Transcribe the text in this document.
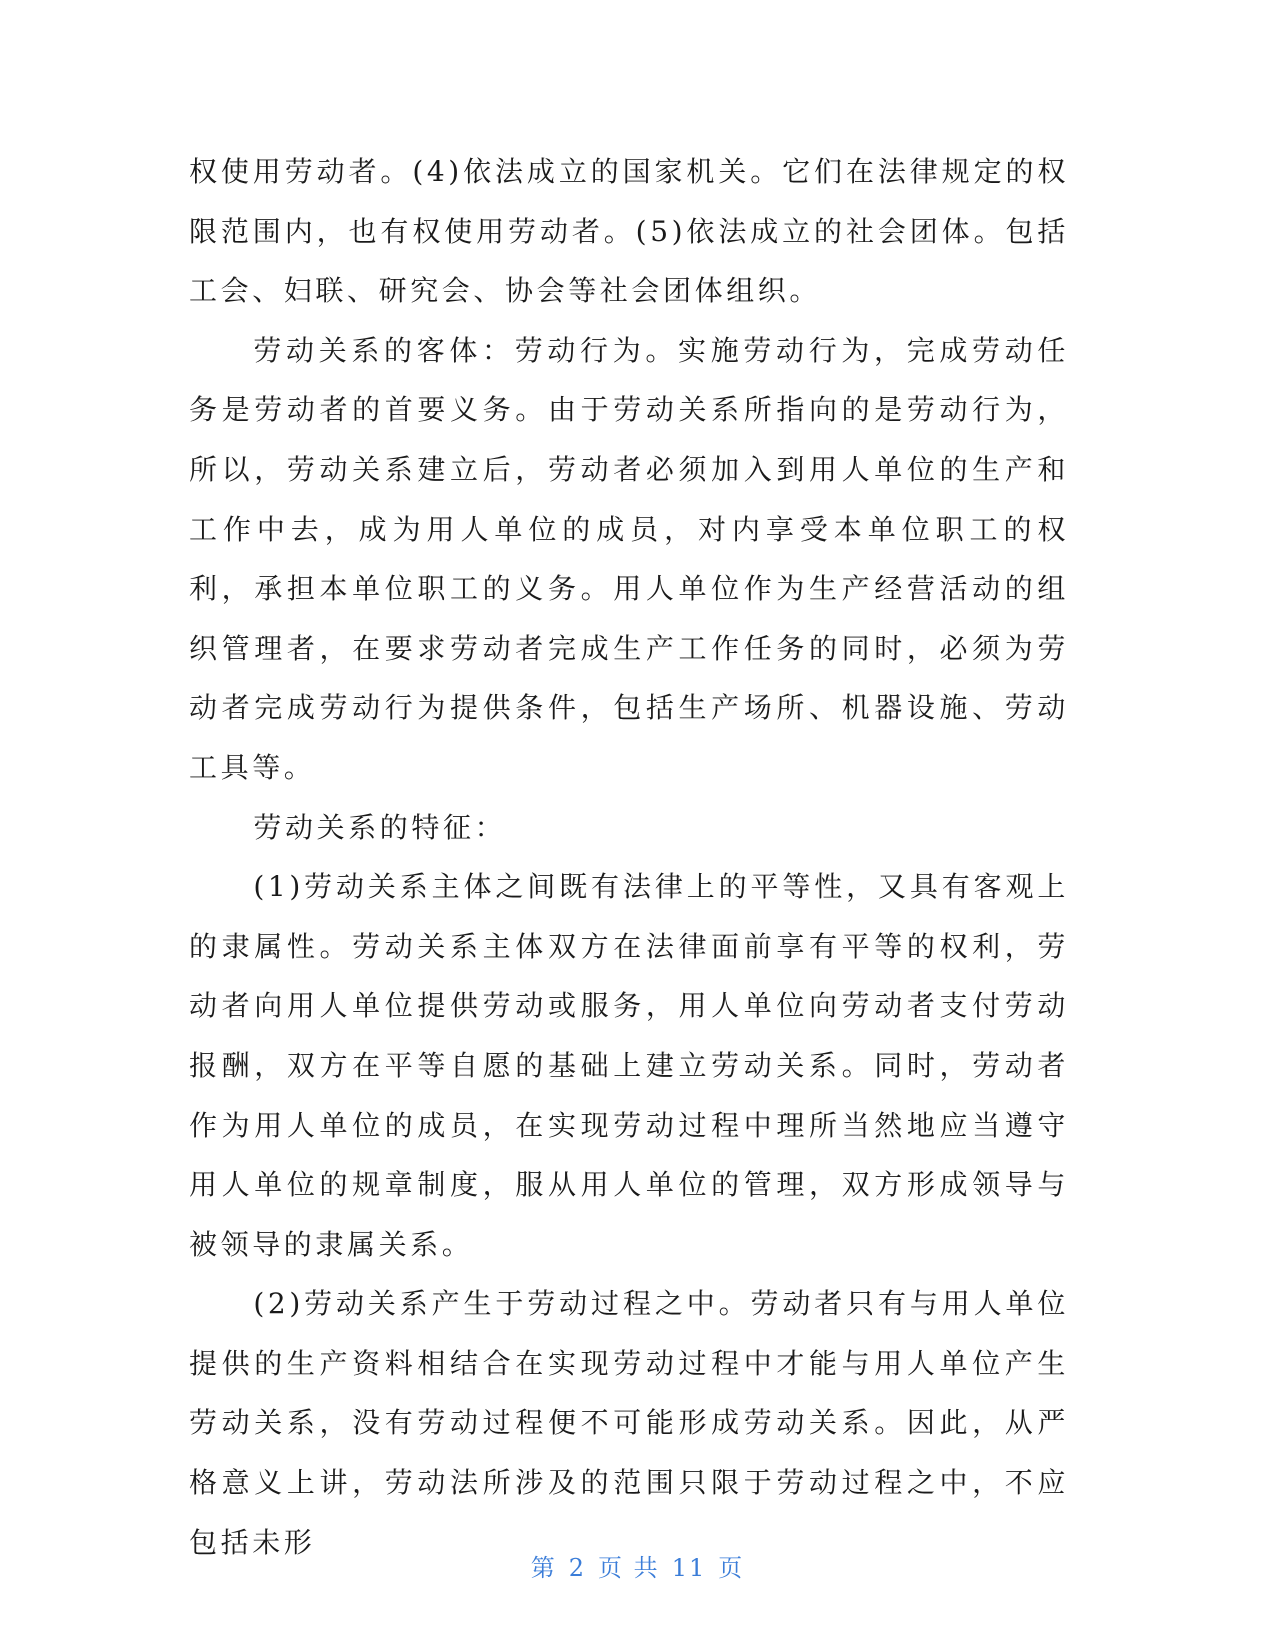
权使用劳动者。(4)依法成立的国家机关。它们在法律规定的权限范围内，也有权使用劳动者。(5)依法成立的社会团体。包括工会、妇联、研究会、协会等社会团体组织。

劳动关系的客体：劳动行为。实施劳动行为，完成劳动任务是劳动者的首要义务。由于劳动关系所指向的是劳动行为，所以，劳动关系建立后，劳动者必须加入到用人单位的生产和工作中去，成为用人单位的成员，对内享受本单位职工的权利，承担本单位职工的义务。用人单位作为生产经营活动的组织管理者，在要求劳动者完成生产工作任务的同时，必须为劳动者完成劳动行为提供条件，包括生产场所、机器设施、劳动工具等。

劳动关系的特征：

(1)劳动关系主体之间既有法律上的平等性，又具有客观上的隶属性。劳动关系主体双方在法律面前享有平等的权利，劳动者向用人单位提供劳动或服务，用人单位向劳动者支付劳动报酬，双方在平等自愿的基础上建立劳动关系。同时，劳动者作为用人单位的成员，在实现劳动过程中理所当然地应当遵守用人单位的规章制度，服从用人单位的管理，双方形成领导与被领导的隶属关系。

(2)劳动关系产生于劳动过程之中。劳动者只有与用人单位提供的生产资料相结合在实现劳动过程中才能与用人单位产生劳动关系，没有劳动过程便不可能形成劳动关系。因此，从严格意义上讲，劳动法所涉及的范围只限于劳动过程之中，不应包括未形

第 2 页 共 11 页
